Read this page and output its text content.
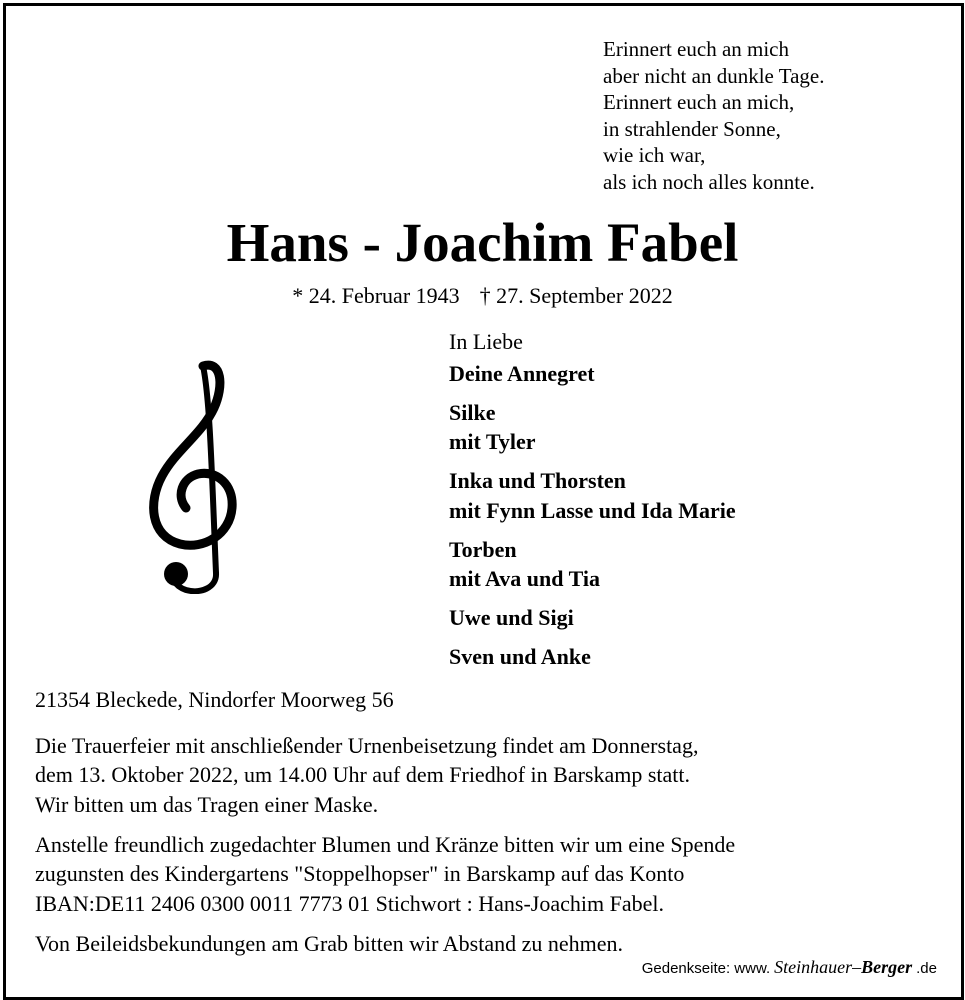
Erinnert euch an mich
aber nicht an dunkle Tage.
Erinnert euch an mich,
in strahlender Sonne,
wie ich war,
als ich noch alles konnte.
Hans - Joachim Fabel
* 24. Februar 1943 † 27. September 2022
In Liebe
Deine Annegret
Silke
mit Tyler
Inka und Thorsten
mit Fynn Lasse und Ida Marie
Torben
mit Ava und Tia
Uwe und Sigi
Sven und Anke
21354 Bleckede, Nindorfer Moorweg 56
Die Trauerfeier mit anschließender Urnenbeisetzung findet am Donnerstag,
dem 13. Oktober 2022, um 14.00 Uhr auf dem Friedhof in Barskamp statt.
Wir bitten um das Tragen einer Maske.
Anstelle freundlich zugedachter Blumen und Kränze bitten wir um eine Spende
zugunsten des Kindergartens "Stoppelhopser" in Barskamp auf das Konto
IBAN:DE11 2406 0300 0011 7773 01 Stichwort : Hans-Joachim Fabel.
Von Beileidsbekundungen am Grab bitten wir Abstand zu nehmen.
Gedenkseite: www. Steinhauer–Berger .de
